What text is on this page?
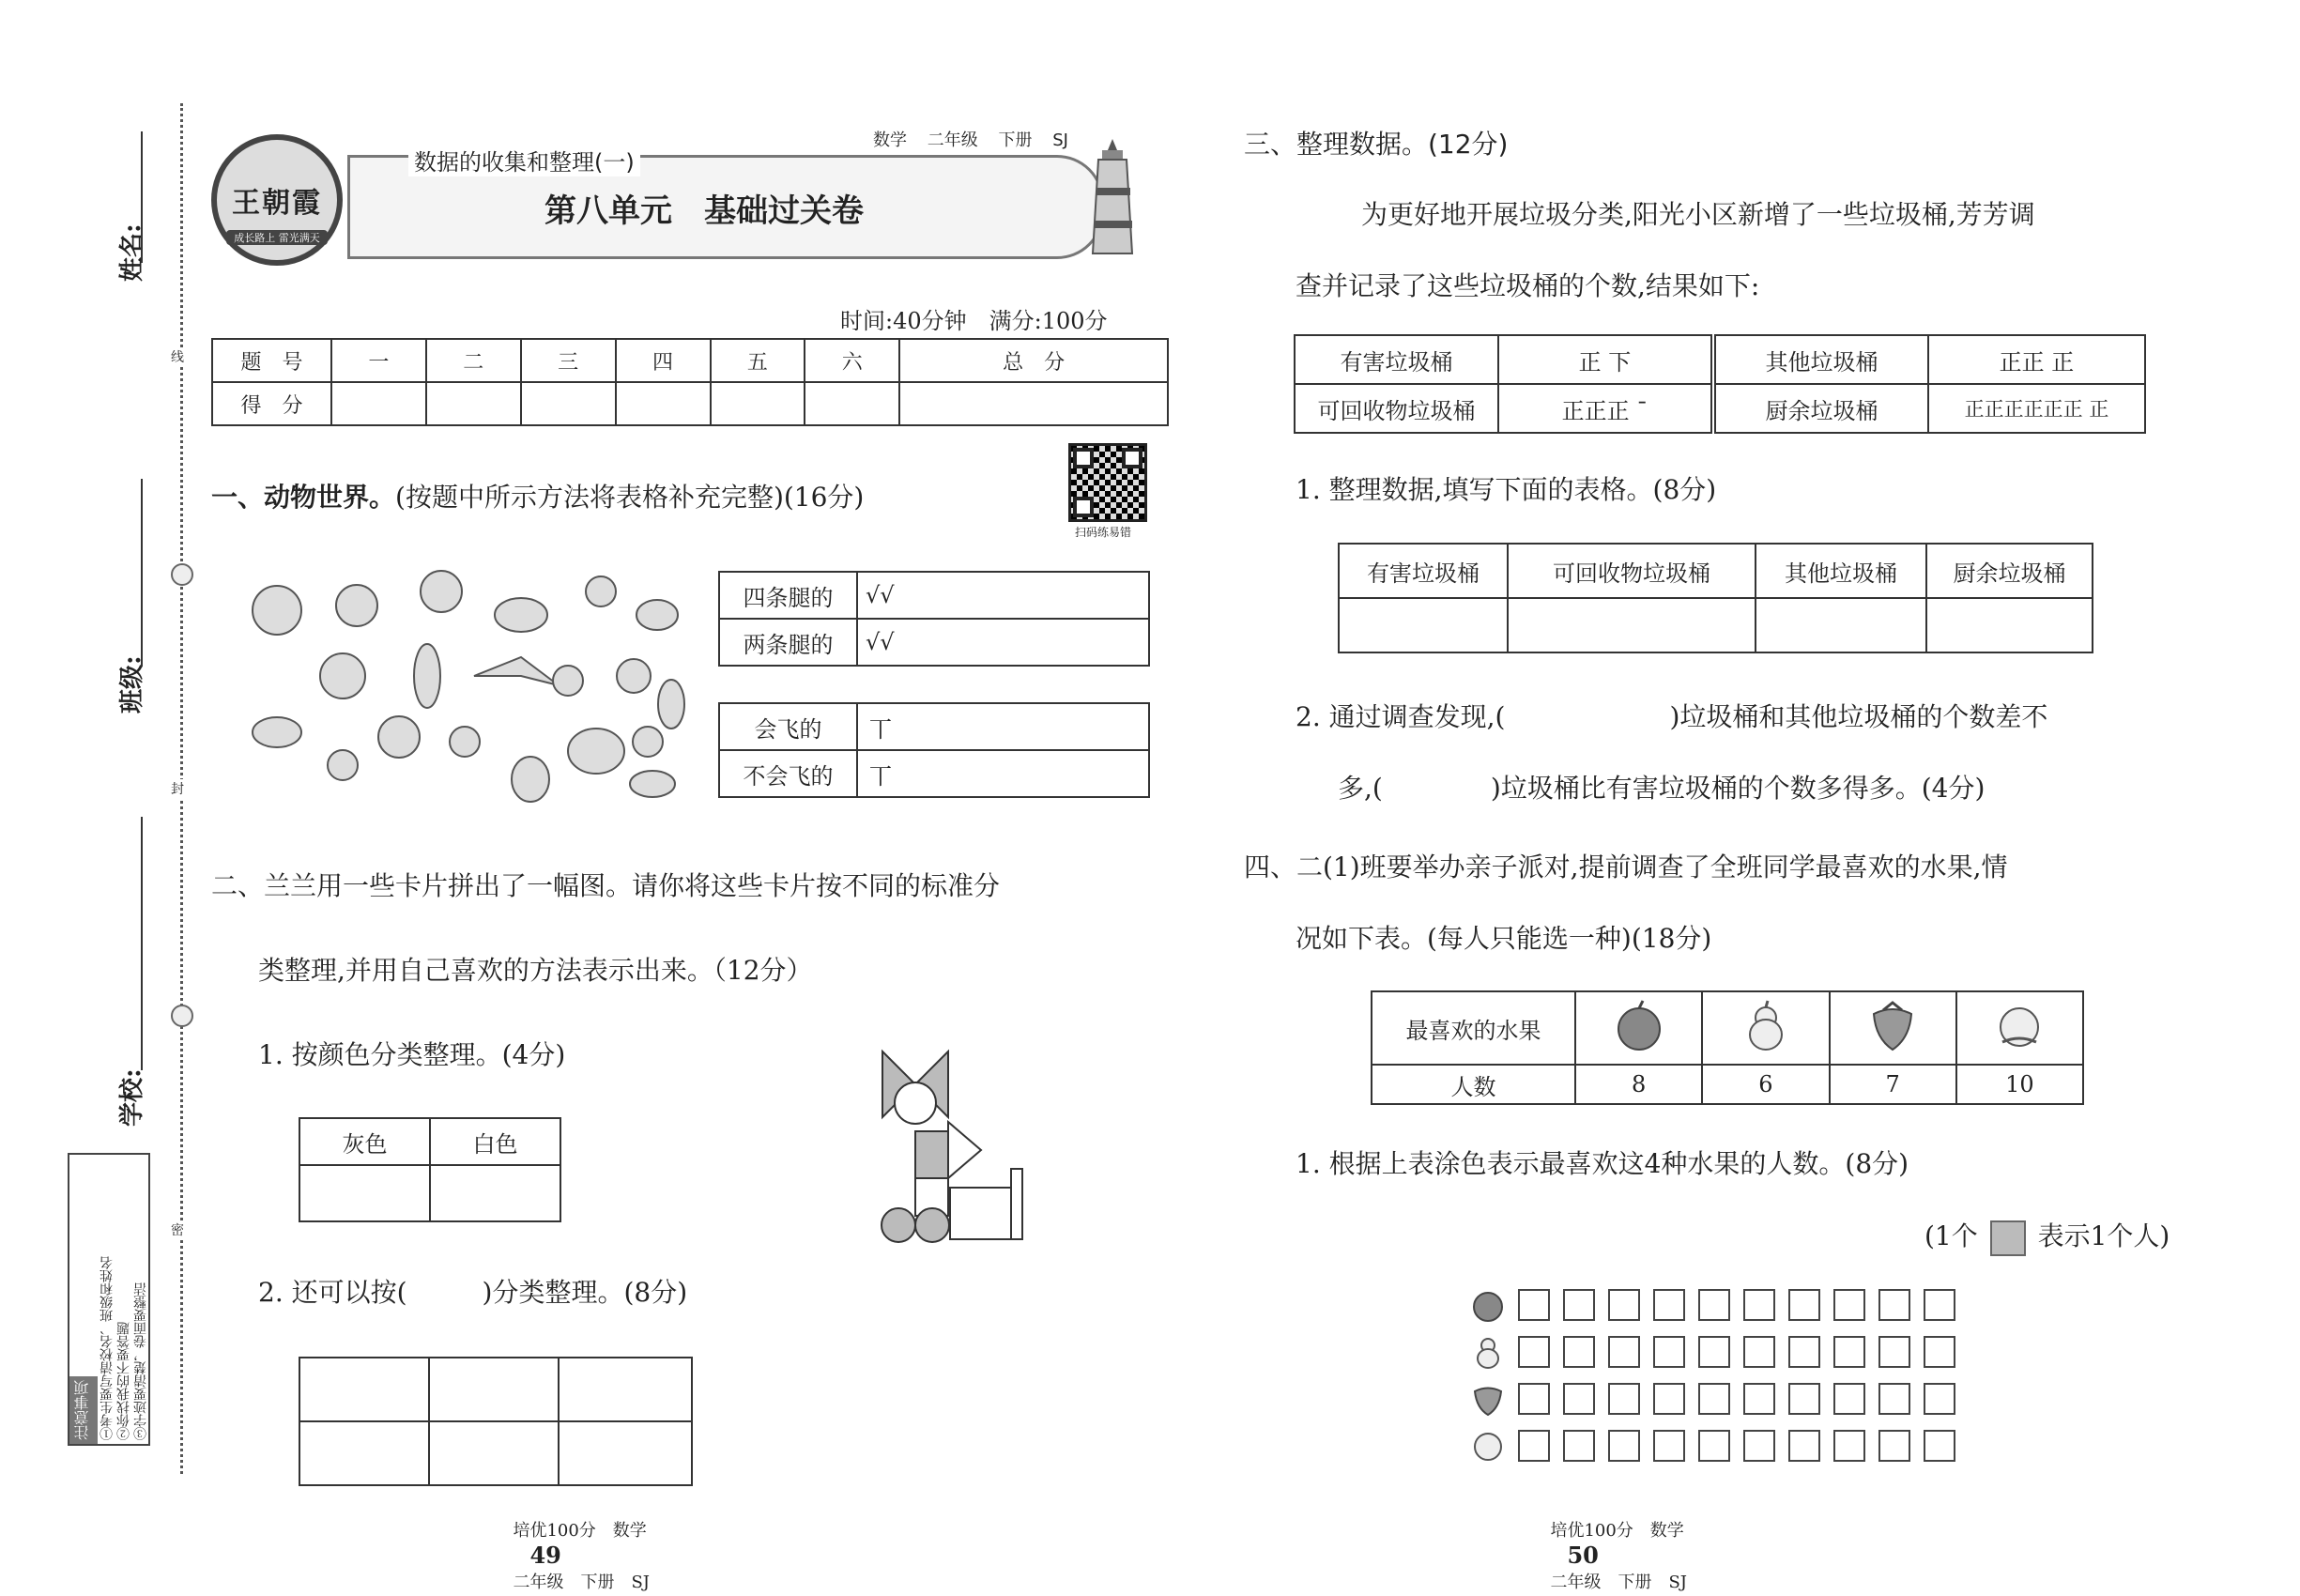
姓名:
班级:
学校:
线
封
密
注意事项 ①考生要写清校名、班级和姓名 ②你找我的不要答题 ③字迹要清楚，卷面要整洁
王朝霞
成长路上 雷光满天
数据的收集和整理(一)
数学 二年级 下册 SJ
第八单元　基础过关卷
时间:40分钟　满分:100分
题　号	一	二	三	四	五	六	总　分
得　分							
扫码练易错
一、动物世界。(按题中所示方法将表格补充完整)(16分)
四条腿的	√√
两条腿的	√√
会飞的	丅
不会飞的	丅
二、兰兰用一些卡片拼出了一幅图。请你将这些卡片按不同的标准分
类整理,并用自己喜欢的方法表示出来。（12分）
1. 按颜色分类整理。(4分)
灰色	白色

2. 还可以按(	)分类整理。(8分)

三、整理数据。(12分)
为更好地开展垃圾分类,阳光小区新增了一些垃圾桶,芳芳调
查并记录了这些垃圾桶的个数,结果如下:
有害垃圾桶	正 下	其他垃圾桶	正正 正
可回收物垃圾桶	正正正 ˉ	厨余垃圾桶	正正正正正正 正
1. 整理数据,填写下面的表格。(8分)
有害垃圾桶	可回收物垃圾桶	其他垃圾桶	厨余垃圾桶

2. 通过调查发现,(	)垃圾桶和其他垃圾桶的个数差不
多,(	)垃圾桶比有害垃圾桶的个数多得多。(4分)
四、二(1)班要举办亲子派对,提前调查了全班同学最喜欢的水果,情
况如下表。(每人只能选一种)(18分)
最喜欢的水果				
人数	8	6	7	10
1. 根据上表涂色表示最喜欢这4种水果的人数。(8分)
(1个 表示1个人)

培优100分　数学
49
二年级　下册　SJ

培优100分　数学
50
二年级　下册　SJ
